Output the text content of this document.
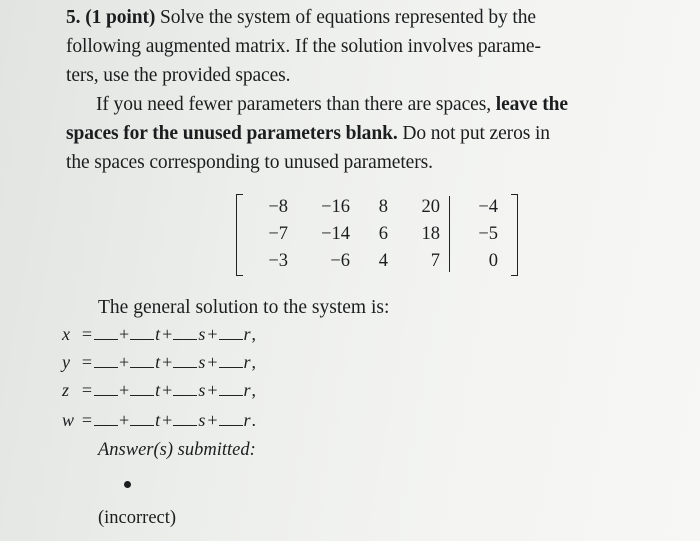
5. (1 point) Solve the system of equations represented by the
following augmented matrix. If the solution involves parame-
ters, use the provided spaces.

If you need fewer parameters than there are spaces, leave the
spaces for the unused parameters blank. Do not put zeros in
the spaces corresponding to unused parameters.

−8	−16	8	20	−4
−7	−14	6	18	−5
−3	−6	4	7	0
The general solution to the system is:
x = + t + s + r,
y = + t + s + r,
z = + t + s + r,
w = + t + s + r.
Answer(s) submitted:
(incorrect)
